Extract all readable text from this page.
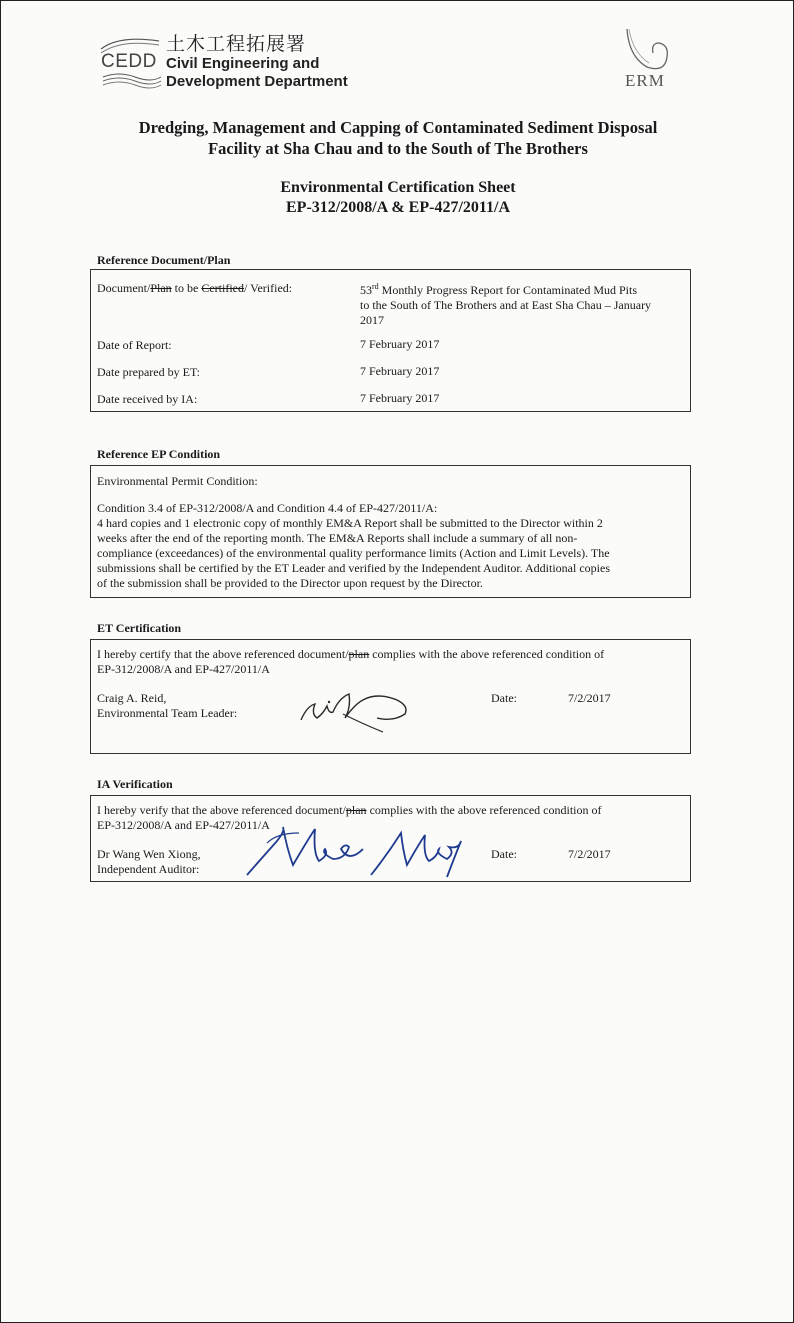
CEDD
土木工程拓展署
Civil Engineering and
Development Department	ERM
Dredging, Management and Capping of Contaminated Sediment Disposal
Facility at Sha Chau and to the South of The Brothers
Environmental Certification Sheet
EP-312/2008/A & EP-427/2011/A
Reference Document/Plan
Document/Plan to be Certified/ Verified:	53rd Monthly Progress Report for Contaminated Mud Pits
to the South of The Brothers and at East Sha Chau – January
2017
Date of Report:	7 February 2017
Date prepared by ET:	7 February 2017
Date received by IA:	7 February 2017
Reference EP Condition
Environmental Permit Condition:
Condition 3.4 of EP-312/2008/A and Condition 4.4 of EP-427/2011/A:
4 hard copies and 1 electronic copy of monthly EM&A Report shall be submitted to the Director within 2
weeks after the end of the reporting month. The EM&A Reports shall include a summary of all non-
compliance (exceedances) of the environmental quality performance limits (Action and Limit Levels). The
submissions shall be certified by the ET Leader and verified by the Independent Auditor. Additional copies
of the submission shall be provided to the Director upon request by the Director.
ET Certification
I hereby certify that the above referenced document/plan complies with the above referenced condition of
EP-312/2008/A and EP-427/2011/A
Craig A. Reid,
Environmental Team Leader:
Date:	7/2/2017
IA Verification
I hereby verify that the above referenced document/plan complies with the above referenced condition of
EP-312/2008/A and EP-427/2011/A
Dr Wang Wen Xiong,
Independent Auditor:
Date:	7/2/2017
